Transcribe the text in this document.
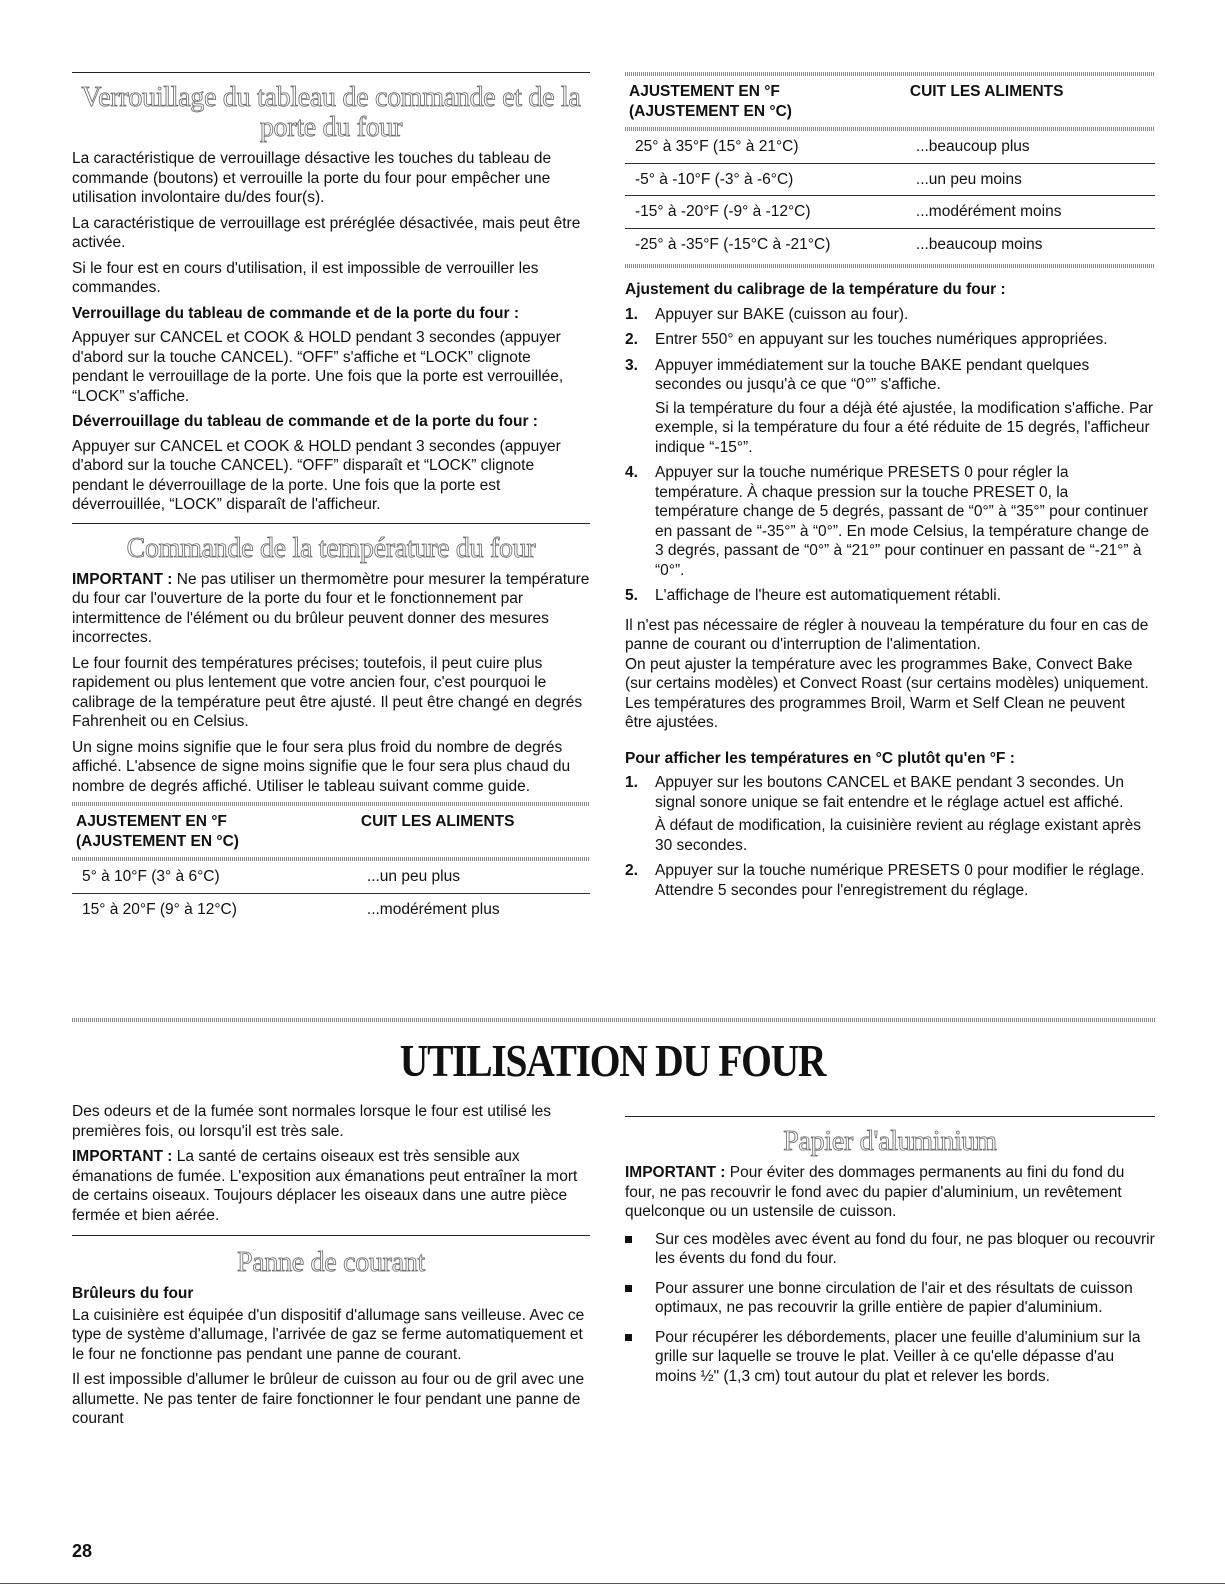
Verrouillage du tableau de commande et de la porte du four

La caractéristique de verrouillage désactive les touches du tableau de commande (boutons) et verrouille la porte du four pour empêcher une utilisation involontaire du/des four(s).

La caractéristique de verrouillage est préréglée désactivée, mais peut être activée.

Si le four est en cours d'utilisation, il est impossible de verrouiller les commandes.

Verrouillage du tableau de commande et de la porte du four :

Appuyer sur CANCEL et COOK & HOLD pendant 3 secondes (appuyer d'abord sur la touche CANCEL). “OFF” s'affiche et “LOCK” clignote pendant le verrouillage de la porte. Une fois que la porte est verrouillée, “LOCK” s'affiche.

Déverrouillage du tableau de commande et de la porte du four :

Appuyer sur CANCEL et COOK & HOLD pendant 3 secondes (appuyer d'abord sur la touche CANCEL). “OFF” disparaît et “LOCK” clignote pendant le déverrouillage de la porte. Une fois que la porte est déverrouillée, “LOCK” disparaît de l'afficheur.

Commande de la température du four

IMPORTANT : Ne pas utiliser un thermomètre pour mesurer la température du four car l'ouverture de la porte du four et le fonctionnement par intermittence de l'élément ou du brûleur peuvent donner des mesures incorrectes.

Le four fournit des températures précises; toutefois, il peut cuire plus rapidement ou plus lentement que votre ancien four, c'est pourquoi le calibrage de la température peut être ajusté. Il peut être changé en degrés Fahrenheit ou en Celsius.

Un signe moins signifie que le four sera plus froid du nombre de degrés affiché. L'absence de signe moins signifie que le four sera plus chaud du nombre de degrés affiché. Utiliser le tableau suivant comme guide.

AJUSTEMENT EN °F
(AJUSTEMENT EN °C)	CUIT LES ALIMENTS

5° à 10°F (3° à 6°C)	...un peu plus
15° à 20°F (9° à 12°C)	...modérément plus
AJUSTEMENT EN °F
(AJUSTEMENT EN °C)	CUIT LES ALIMENTS

25° à 35°F (15° à 21°C)	...beaucoup plus
-5° à -10°F (-3° à -6°C)	...un peu moins
-15° à -20°F (-9° à -12°C)	...modérément moins
-25° à -35°F (-15°C à -21°C)	...beaucoup moins

Ajustement du calibrage de la température du four :

1. Appuyer sur BAKE (cuisson au four).
2. Entrer 550° en appuyant sur les touches numériques appropriées.
3. Appuyer immédiatement sur la touche BAKE pendant quelques secondes ou jusqu'à ce que “0°” s'affiche.

Si la température du four a déjà été ajustée, la modification s'affiche. Par exemple, si la température du four a été réduite de 15 degrés, l'afficheur indique “-15°”.

4. Appuyer sur la touche numérique PRESETS 0 pour régler la température. À chaque pression sur la touche PRESET 0, la température change de 5 degrés, passant de “0°” à “35°” pour continuer en passant de “-35°” à “0°”. En mode Celsius, la température change de 3 degrés, passant de “0°” à “21°” pour continuer en passant de “-21°” à “0°”.
5. L'affichage de l'heure est automatiquement rétabli.

Il n'est pas nécessaire de régler à nouveau la température du four en cas de panne de courant ou d'interruption de l'alimentation.

On peut ajuster la température avec les programmes Bake, Convect Bake (sur certains modèles) et Convect Roast (sur certains modèles) uniquement. Les températures des programmes Broil, Warm et Self Clean ne peuvent être ajustées.

Pour afficher les températures en °C plutôt qu'en °F :

1. Appuyer sur les boutons CANCEL et BAKE pendant 3 secondes. Un signal sonore unique se fait entendre et le réglage actuel est affiché.

À défaut de modification, la cuisinière revient au réglage existant après 30 secondes.

2. Appuyer sur la touche numérique PRESETS 0 pour modifier le réglage. Attendre 5 secondes pour l'enregistrement du réglage.
UTILISATION DU FOUR

Des odeurs et de la fumée sont normales lorsque le four est utilisé les premières fois, ou lorsqu'il est très sale.

IMPORTANT : La santé de certains oiseaux est très sensible aux émanations de fumée. L'exposition aux émanations peut entraîner la mort de certains oiseaux. Toujours déplacer les oiseaux dans une autre pièce fermée et bien aérée.

Panne de courant

Brûleurs du four

La cuisinière est équipée d'un dispositif d'allumage sans veilleuse. Avec ce type de système d'allumage, l'arrivée de gaz se ferme automatiquement et le four ne fonctionne pas pendant une panne de courant.

Il est impossible d'allumer le brûleur de cuisson au four ou de gril avec une allumette. Ne pas tenter de faire fonctionner le four pendant une panne de courant

Papier d'aluminium

IMPORTANT : Pour éviter des dommages permanents au fini du fond du four, ne pas recouvrir le fond avec du papier d'aluminium, un revêtement quelconque ou un ustensile de cuisson.

Sur ces modèles avec évent au fond du four, ne pas bloquer ou recouvrir les évents du fond du four.
Pour assurer une bonne circulation de l'air et des résultats de cuisson optimaux, ne pas recouvrir la grille entière de papier d'aluminium.
Pour récupérer les débordements, placer une feuille d'aluminium sur la grille sur laquelle se trouve le plat. Veiller à ce qu'elle dépasse d'au moins ½" (1,3 cm) tout autour du plat et relever les bords.
28
